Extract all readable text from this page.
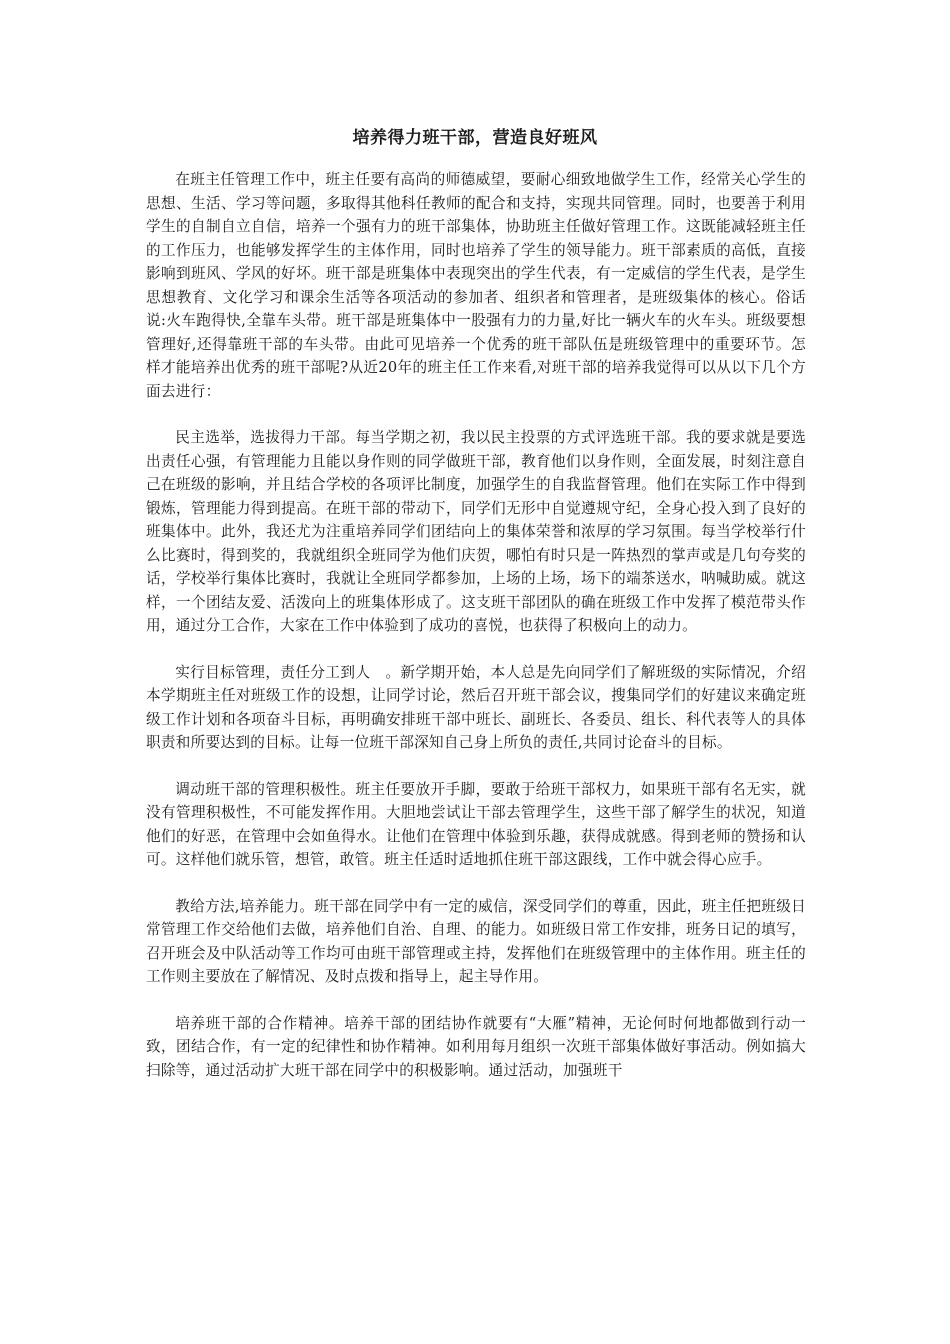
培养得力班干部，营造良好班风

在班主任管理工作中，班主任要有高尚的师德威望，要耐心细致地做学生工作，经常关心学生的思想、生活、学习等问题，多取得其他科任教师的配合和支持，实现共同管理。同时，也要善于利用学生的自制自立自信，培养一个强有力的班干部集体，协助班主任做好管理工作。这既能减轻班主任的工作压力，也能够发挥学生的主体作用，同时也培养了学生的领导能力。班干部素质的高低，直接影响到班风、学风的好坏。班干部是班集体中表现突出的学生代表，有一定威信的学生代表，是学生思想教育、文化学习和课余生活等各项活动的参加者、组织者和管理者，是班级集体的核心。俗话说:火车跑得快,全靠车头带。班干部是班集体中一股强有力的力量,好比一辆火车的火车头。班级要想管理好,还得靠班干部的车头带。由此可见培养一个优秀的班干部队伍是班级管理中的重要环节。怎样才能培养出优秀的班干部呢?从近20年的班主任工作来看,对班干部的培养我觉得可以从以下几个方面去进行：

民主选举，选拔得力干部。每当学期之初，我以民主投票的方式评选班干部。我的要求就是要选出责任心强，有管理能力且能以身作则的同学做班干部，教育他们以身作则，全面发展，时刻注意自己在班级的影响，并且结合学校的各项评比制度，加强学生的自我监督管理。他们在实际工作中得到锻炼，管理能力得到提高。在班干部的带动下，同学们无形中自觉遵规守纪，全身心投入到了良好的班集体中。此外，我还尤为注重培养同学们团结向上的集体荣誉和浓厚的学习氛围。每当学校举行什么比赛时，得到奖的，我就组织全班同学为他们庆贺，哪怕有时只是一阵热烈的掌声或是几句夸奖的话，学校举行集体比赛时，我就让全班同学都参加，上场的上场，场下的端茶送水，呐喊助威。就这样，一个团结友爱、活泼向上的班集体形成了。这支班干部团队的确在班级工作中发挥了模范带头作用，通过分工合作，大家在工作中体验到了成功的喜悦，也获得了积极向上的动力。

实行目标管理，责任分工到人　。新学期开始，本人总是先向同学们了解班级的实际情况，介绍本学期班主任对班级工作的设想，让同学讨论，然后召开班干部会议，搜集同学们的好建议来确定班级工作计划和各项奋斗目标，再明确安排班干部中班长、副班长、各委员、组长、科代表等人的具体职责和所要达到的目标。让每一位班干部深知自己身上所负的责任,共同讨论奋斗的目标。

调动班干部的管理积极性。班主任要放开手脚，要敢于给班干部权力，如果班干部有名无实，就没有管理积极性，不可能发挥作用。大胆地尝试让干部去管理学生，这些干部了解学生的状况，知道他们的好恶，在管理中会如鱼得水。让他们在管理中体验到乐趣，获得成就感。得到老师的赞扬和认可。这样他们就乐管，想管，敢管。班主任适时适地抓住班干部这跟线，工作中就会得心应手。

教给方法,培养能力。班干部在同学中有一定的威信，深受同学们的尊重，因此，班主任把班级日常管理工作交给他们去做，培养他们自治、自理、的能力。如班级日常工作安排，班务日记的填写，召开班会及中队活动等工作均可由班干部管理或主持，发挥他们在班级管理中的主体作用。班主任的工作则主要放在了解情况、及时点拨和指导上，起主导作用。

培养班干部的合作精神。培养干部的团结协作就要有“大雁”精神，无论何时何地都做到行动一致，团结合作，有一定的纪律性和协作精神。如利用每月组织一次班干部集体做好事活动。例如搞大扫除等，通过活动扩大班干部在同学中的积极影响。通过活动，加强班干
